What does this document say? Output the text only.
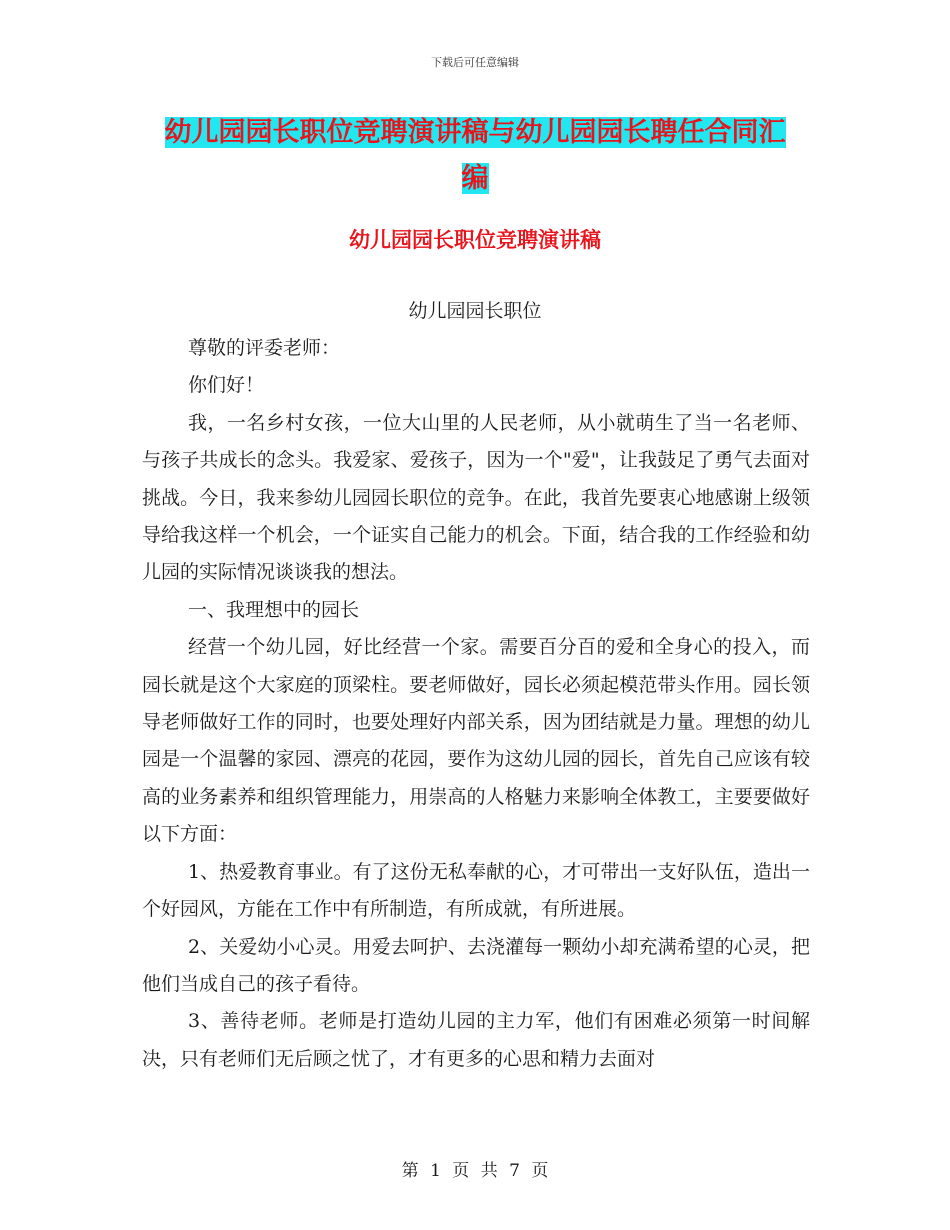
下载后可任意编辑
幼儿园园长职位竞聘演讲稿与幼儿园园长聘任合同汇
编
幼儿园园长职位竞聘演讲稿
幼儿园园长职位

尊敬的评委老师：

你们好！

我，一名乡村女孩，一位大山里的人民老师，从小就萌生了当一名老师、与孩子共成长的念头。我爱家、爱孩子，因为一个"爱"，让我鼓足了勇气去面对挑战。今日，我来参幼儿园园长职位的竞争。在此，我首先要衷心地感谢上级领导给我这样一个机会，一个证实自己能力的机会。下面，结合我的工作经验和幼儿园的实际情况谈谈我的想法。

一、我理想中的园长

经营一个幼儿园，好比经营一个家。需要百分百的爱和全身心的投入，而园长就是这个大家庭的顶梁柱。要老师做好，园长必须起模范带头作用。园长领导老师做好工作的同时，也要处理好内部关系，因为团结就是力量。理想的幼儿园是一个温馨的家园、漂亮的花园，要作为这幼儿园的园长，首先自己应该有较高的业务素养和组织管理能力，用崇高的人格魅力来影响全体教工，主要要做好以下方面：

1、热爱教育事业。有了这份无私奉献的心，才可带出一支好队伍，造出一个好园风，方能在工作中有所制造，有所成就，有所进展。

2、关爱幼小心灵。用爱去呵护、去浇灌每一颗幼小却充满希望的心灵，把他们当成自己的孩子看待。

3、善待老师。老师是打造幼儿园的主力军，他们有困难必须第一时间解决，只有老师们无后顾之忧了，才有更多的心思和精力去面对

第 1 页 共 7 页
